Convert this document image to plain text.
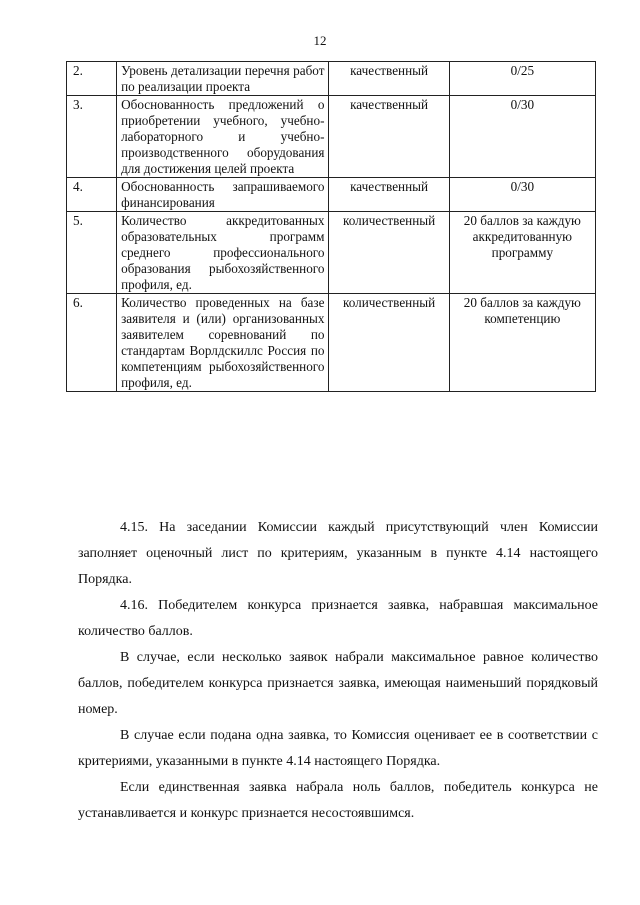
12
2.	Уровень детализации перечня работ по реализации проекта	качественный	0/25
3.	Обоснованность предложений о приобретении учебного, учебно-лабораторного и учебно-производственного оборудования для достижения целей проекта	качественный	0/30
4.	Обоснованность запрашиваемого финансирования	качественный	0/30
5.	Количество аккредитованных образовательных программ среднего профессионального образования рыбохозяйственного профиля, ед.	количественный	20 баллов за каждую аккредитованную программу
6.	Количество проведенных на базе заявителя и (или) организованных заявителем соревнований по стандартам Ворлдскиллс Россия по компетенциям рыбохозяйственного профиля, ед.	количественный	20 баллов за каждую компетенцию

4.15. На заседании Комиссии каждый присутствующий член Комиссии заполняет оценочный лист по критериям, указанным в пункте 4.14 настоящего Порядка.

4.16. Победителем конкурса признается заявка, набравшая максимальное количество баллов.

В случае, если несколько заявок набрали максимальное равное количество баллов, победителем конкурса признается заявка, имеющая наименьший порядковый номер.

В случае если подана одна заявка, то Комиссия оценивает ее в соответствии с критериями, указанными в пункте 4.14 настоящего Порядка.

Если единственная заявка набрала ноль баллов, победитель конкурса не устанавливается и конкурс признается несостоявшимся.
